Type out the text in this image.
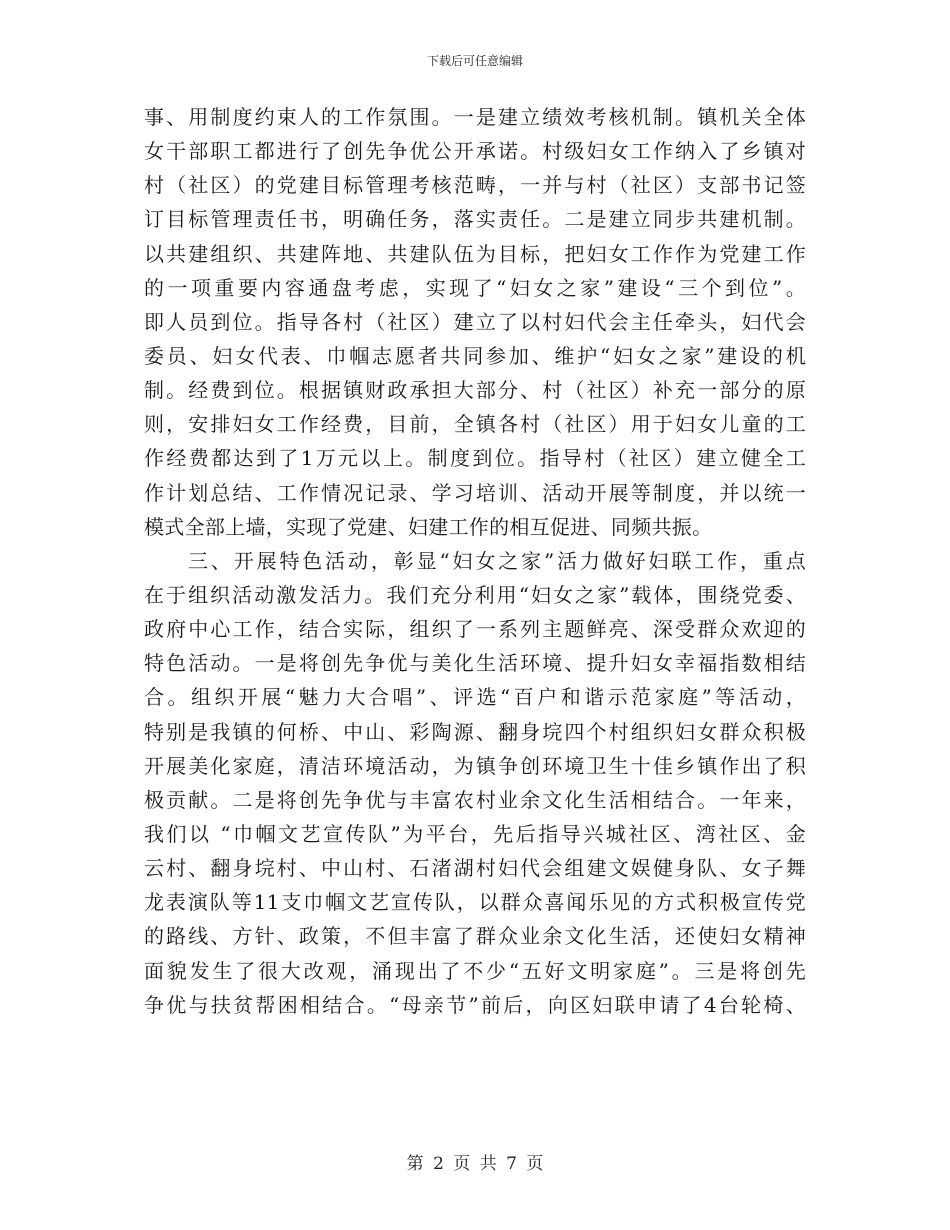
下载后可任意编辑
事、用制度约束人的工作氛围。一是建立绩效考核机制。镇机关全体
女干部职工都进行了创先争优公开承诺。村级妇女工作纳入了乡镇对
村（社区）的党建目标管理考核范畴，一并与村（社区）支部书记签
订目标管理责任书，明确任务，落实责任。二是建立同步共建机制。
以共建组织、共建阵地、共建队伍为目标，把妇女工作作为党建工作
的一项重要内容通盘考虑，实现了“妇女之家”建设“三个到位”。
即人员到位。指导各村（社区）建立了以村妇代会主任牵头，妇代会
委员、妇女代表、巾帼志愿者共同参加、维护“妇女之家”建设的机
制。经费到位。根据镇财政承担大部分、村（社区）补充一部分的原
则，安排妇女工作经费，目前，全镇各村（社区）用于妇女儿童的工
作经费都达到了1万元以上。制度到位。指导村（社区）建立健全工
作计划总结、工作情况记录、学习培训、活动开展等制度，并以统一
模式全部上墙，实现了党建、妇建工作的相互促进、同频共振。
三、开展特色活动，彰显“妇女之家”活力做好妇联工作，重点
在于组织活动激发活力。我们充分利用“妇女之家”载体，围绕党委、
政府中心工作，结合实际，组织了一系列主题鲜亮、深受群众欢迎的
特色活动。一是将创先争优与美化生活环境、提升妇女幸福指数相结
合。组织开展“魅力大合唱”、评选“百户和谐示范家庭”等活动，
特别是我镇的何桥、中山、彩陶源、翻身垸四个村组织妇女群众积极
开展美化家庭，清洁环境活动，为镇争创环境卫生十佳乡镇作出了积
极贡献。二是将创先争优与丰富农村业余文化生活相结合。一年来，
我们以 “巾帼文艺宣传队”为平台，先后指导兴城社区、湾社区、金
云村、翻身垸村、中山村、石渚湖村妇代会组建文娱健身队、女子舞
龙表演队等11支巾帼文艺宣传队，以群众喜闻乐见的方式积极宣传党
的路线、方针、政策，不但丰富了群众业余文化生活，还使妇女精神
面貌发生了很大改观，涌现出了不少“五好文明家庭”。三是将创先
争优与扶贫帮困相结合。“母亲节”前后，向区妇联申请了4台轮椅、
第 2 页 共 7 页
